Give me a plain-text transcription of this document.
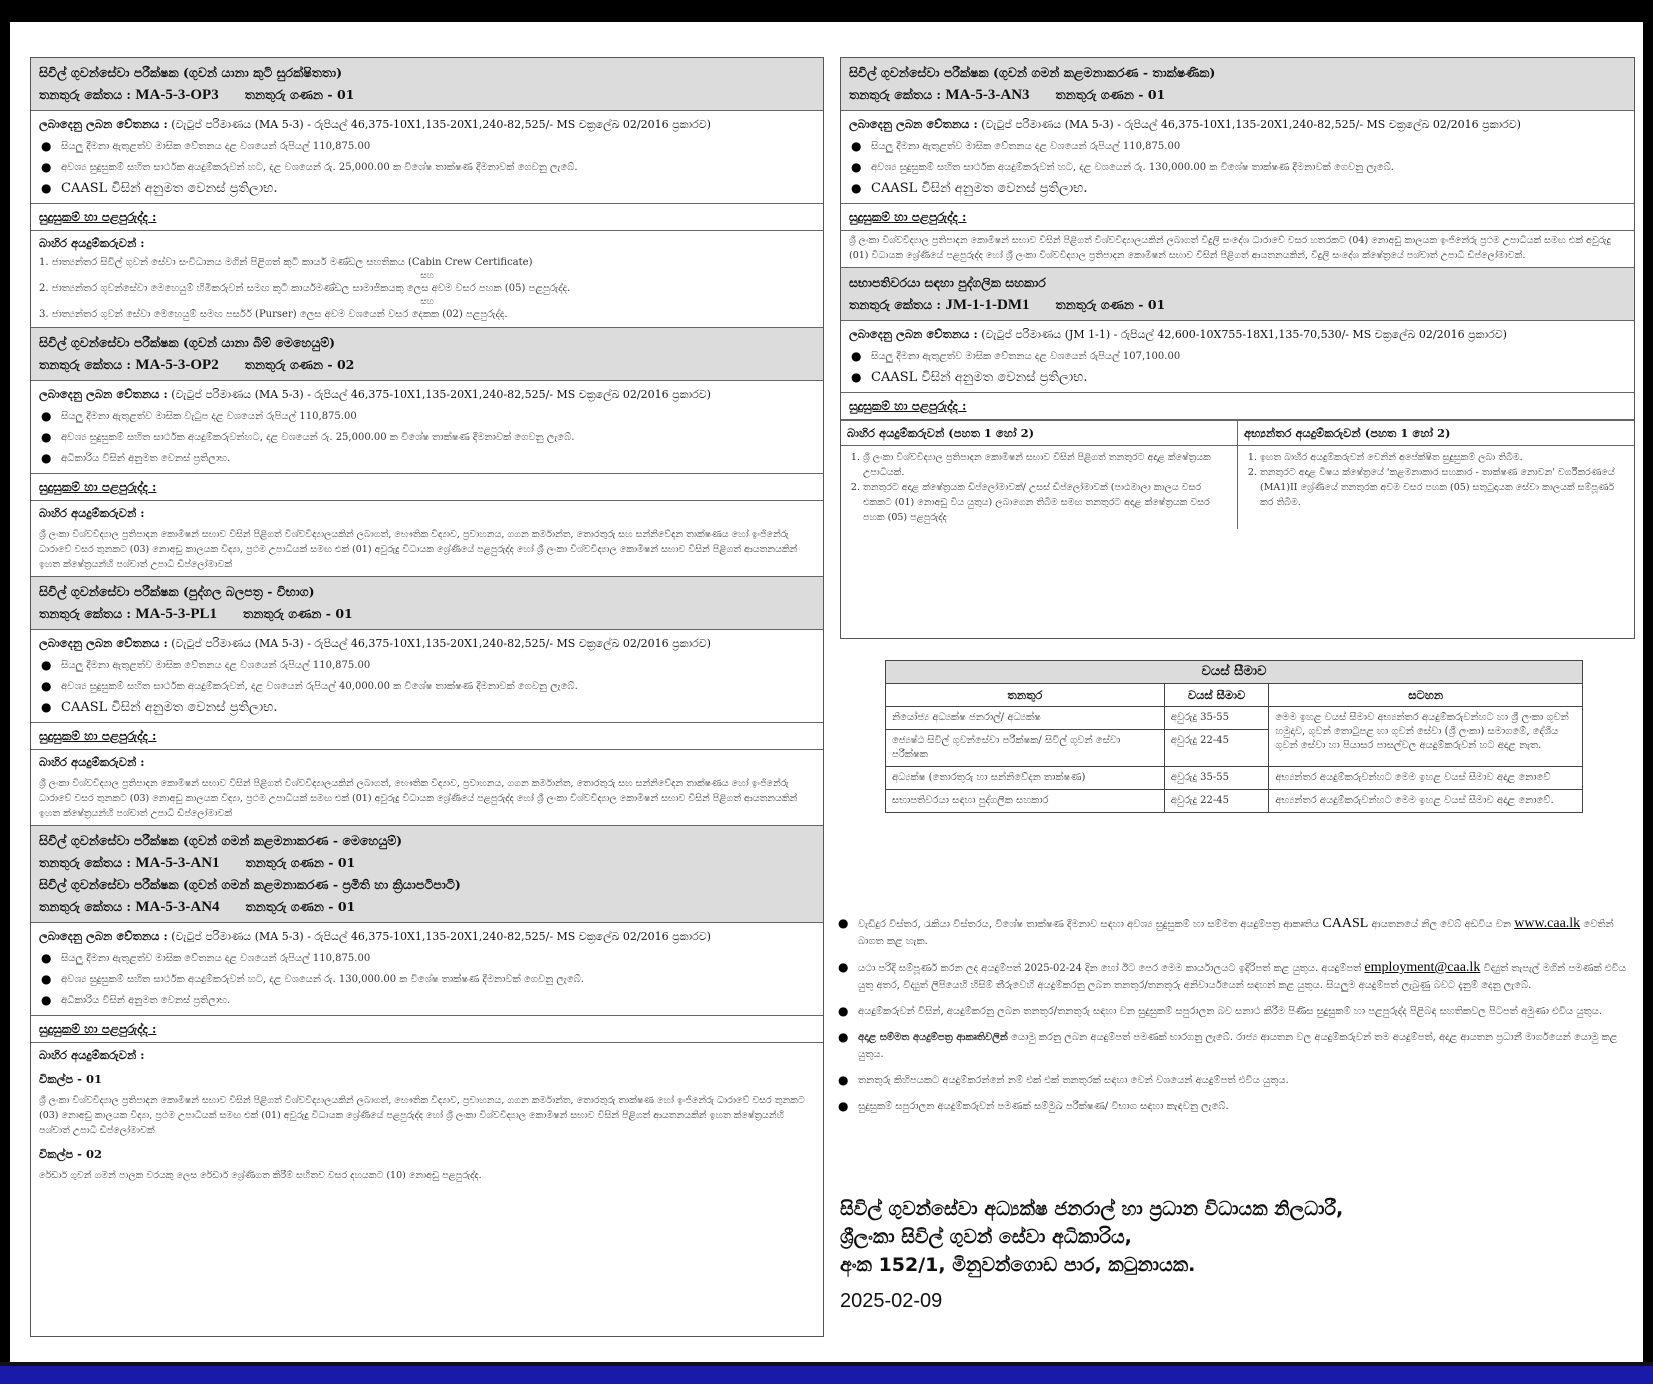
සිවිල් ගුවන්සේවා පරීක්ෂක (ගුවන් යානා කුටි සුරක්ෂිතතා)
තනතුරු කේතය : MA-5-3-OP3 තනතුරු ගණන - 01
ලබාදෙනු ලබන වේතනය : (වැටුප් පරිමාණය (MA 5-3) - රුපියල් 46,375-10X1,135-20X1,240-82,525/- MS චක්‍රලේඛ 02/2016 ප්‍රකාරව)
● සියලු දීමනා ඇතුළත්ව මාසික වේතනය දළ වශයෙන් රුපියල් 110,875.00
● අවශ්‍ය සුදුසුකම් සහිත සාර්ථක අයදුම්කරුවන් හට, දළ වශයෙන් රු. 25,000.00 ක විශේෂ තාක්ෂණ දීමනාවක් ගෙවනු ලැබේ.
● CAASL විසින් අනුමත වෙනස් ප්‍රතිලාභ.
සුදුසුකම් හා පළපුරුද්ද :
බාහිර අයදුම්කරුවන් :
1. ජාත්‍යන්තර සිවිල් ගුවන් සේවා සංවිධානය මගින් පිළිගත් කුටි කාර්ය මණ්ඩල සහතිකය (Cabin Crew Certificate)
සහ
2. ජාත්‍යන්තර ගුවන්සේවා මෙහෙයුම් හිමිකරුවන් සමඟ කුටි කාර්යමණ්ඩල සාමාජිකයකු ලෙස අවම වසර පහක (05) පළපුරුද්ද.
සහ
3. ජාත්‍යන්තර ගුවන් සේවා මෙහෙයුම් සමඟ පර්සර් (Purser) ලෙස අවම වශයෙන් වසර දෙකක (02) පළපුරුද්ද.
සිවිල් ගුවන්සේවා පරීක්ෂක (ගුවන් යානා බිම් මෙහෙයුම්)
තනතුරු කේතය : MA-5-3-OP2 තනතුරු ගණන - 02
ලබාදෙනු ලබන වේතනය : (වැටුප් පරිමාණය (MA 5-3) - රුපියල් 46,375-10X1,135-20X1,240-82,525/- MS චක්‍රලේඛ 02/2016 ප්‍රකාරව)
● සියලු දීමනා ඇතුළත්ව මාසික වැටුප දළ වශයෙන් රුපියල් 110,875.00
● අවශ්‍ය සුදුසුකම් සහිත සාර්ථක අයදුම්කරුවන්හට, දළ වශයෙන් රු. 25,000.00 ක විශේෂ තාක්ෂණ දීමනාවක් ගෙවනු ලැබේ.
● අධිකාරිය විසින් අනුමත වෙනස් ප්‍රතිලාභ.
සුදුසුකම් හා පළපුරුද්ද :
බාහිර අයදුම්කරුවන් :
ශ්‍රී ලංකා විශ්වවිද්‍යාල ප්‍රතිපාදන කොමිෂන් සභාව විසින් පිළිගත් විශ්වවිද්‍යාලයකින් ලබාගත්, භෞතික විද්‍යාව, ප්‍රවාහනය, ගගන කර්මාන්ත, තොරතුරු සහ සන්නිවේදන තාක්ෂණය හෝ ඉංජිනේරු ධාරාවේ වසර තුනකට (03) නොඅඩු කාලයක විද්‍යා, ප්‍රථම උපාධියක් සමඟ එක් (01) අවුරුදු විධායක ශ්‍රේණියේ පළපුරුද්ද හෝ ශ්‍රී ලංකා විශ්වවිද්‍යාල කොමිෂන් සභාව විසින් පිළිගත් ආයතනයකින් ඉහත ක්ෂේත්‍රයන්හි පශ්චාත් උපාධි ඩිප්ලෝමාවක්
සිවිල් ගුවන්සේවා පරීක්ෂක (පුද්ගල බලපත්‍ර - විභාග)
තනතුරු කේතය : MA-5-3-PL1 තනතුරු ගණන - 01
ලබාදෙනු ලබන වේතනය : (වැටුප් පරිමාණය (MA 5-3) - රුපියල් 46,375-10X1,135-20X1,240-82,525/- MS චක්‍රලේඛ 02/2016 ප්‍රකාරව)
● සියලු දීමනා ඇතුළත්ව මාසික වේතනය දළ වශයෙන් රුපියල් 110,875.00
● අවශ්‍ය සුදුසුකම් සහිත සාර්ථක අයදුම්කරුවන්, දළ වශයෙන් රුපියල් 40,000.00 ක විශේෂ තාක්ෂණ දීමනාවක් ගෙවනු ලැබේ.
● CAASL විසින් අනුමත වෙනස් ප්‍රතිලාභ.
සුදුසුකම් හා පළපුරුද්ද :
බාහිර අයදුම්කරුවන් :
ශ්‍රී ලංකා විශ්වවිද්‍යාල ප්‍රතිපාදන කොමිෂන් සභාව විසින් පිළිගත් විශ්වවිද්‍යාලයකින් ලබාගත්, භෞතික විද්‍යාව, ප්‍රවාහනය, ගගන කර්මාන්ත, තොරතුරු සහ සන්නිවේදන තාක්ෂණය හෝ ඉංජිනේරු ධාරාවේ වසර තුනකට (03) නොඅඩු කාලයක විද්‍යා, ප්‍රථම උපාධියක් සමඟ එක් (01) අවුරුදු විධායක ශ්‍රේණියේ පළපුරුද්ද හෝ ශ්‍රී ලංකා විශ්වවිද්‍යාල කොමිෂන් සභාව විසින් පිළිගත් ආයතනයකින් ඉහත ක්ෂේත්‍රයන්හි පශ්චාත් උපාධි ඩිප්ලෝමාවක්
සිවිල් ගුවන්සේවා පරීක්ෂක (ගුවන් ගමන් කළමනාකරණ - මෙහෙයුම්)
තනතුරු කේතය : MA-5-3-AN1 තනතුරු ගණන - 01
සිවිල් ගුවන්සේවා පරීක්ෂක (ගුවන් ගමන් කළමනාකරණ - ප්‍රමිති හා ක්‍රියාපටිපාටි)
තනතුරු කේතය : MA-5-3-AN4 තනතුරු ගණන - 01
ලබාදෙනු ලබන වේතනය : (වැටුප් පරිමාණය (MA 5-3) - රුපියල් 46,375-10X1,135-20X1,240-82,525/- MS චක්‍රලේඛ 02/2016 ප්‍රකාරව)
● සියලු දීමනා ඇතුළත්ව මාසික වේතනය දළ වශයෙන් රුපියල් 110,875.00
● අවශ්‍ය සුදුසුකම් සහිත සාර්ථක අයදුම්කරුවන් හට, දළ වශයෙන් රු. 130,000.00 ක විශේෂ තාක්ෂණ දීමනාවක් ගෙවනු ලැබේ.
● අධිකාරිය විසින් අනුමත වෙනස් ප්‍රතිලාභ.
සුදුසුකම් හා පළපුරුද්ද :
බාහිර අයදුම්කරුවන් :
විකල්ප - 01
ශ්‍රී ලංකා විශ්වවිද්‍යාල ප්‍රතිපාදන කොමිෂන් සභාව විසින් පිළිගත් විශ්වවිද්‍යාලයකින් ලබාගත්, භෞතික විද්‍යාව, ප්‍රවාහනය, ගගන කර්මාන්ත, තොරතුරු තාක්ෂණ හෝ ඉංජිනේරු ධාරාවේ වසර තුනකට (03) නොඅඩු කාලයක විද්‍යා, ප්‍රථම උපාධියක් සමඟ එක් (01) අවුරුදු විධායක ශ්‍රේණියේ පළපුරුද්ද හෝ ශ්‍රී ලංකා විශ්වවිද්‍යාල කොමිෂන් සභාව විසින් පිළිගත් ආයතනයකින් ඉහත ක්ෂේත්‍රයන්හි පශ්චාත් උපාධි ඩිප්ලෝමාවක්
විකල්ප - 02
රේඩාර් ගුවන් ගමන් පාලක වරයකු ලෙස රේඩාර් ශ්‍රේණිගත කිරීම් සහිතව වසර දහයකට (10) නොඅඩු පළපුරුද්ද.
සිවිල් ගුවන්සේවා පරීක්ෂක (ගුවන් ගමන් කළමනාකරණ - තාක්ෂණික)
තනතුරු කේතය : MA-5-3-AN3 තනතුරු ගණන - 01
ලබාදෙනු ලබන වේතනය : (වැටුප් පරිමාණය (MA 5-3) - රුපියල් 46,375-10X1,135-20X1,240-82,525/- MS චක්‍රලේඛ 02/2016 ප්‍රකාරව)
● සියලු දීමනා ඇතුළත්ව මාසික වේතනය දළ වශයෙන් රුපියල් 110,875.00
● අවශ්‍ය සුදුසුකම් සහිත සාර්ථක අයදුම්කරුවන් හට, දළ වශයෙන් රු. 130,000.00 ක විශේෂ තාක්ෂණ දීමනාවක් ගෙවනු ලැබේ.
● CAASL විසින් අනුමත වෙනස් ප්‍රතිලාභ.
සුදුසුකම් හා පළපුරුද්ද :
ශ්‍රී ලංකා විශ්වවිද්‍යාල ප්‍රතිපාදන කොමිෂන් සභාව විසින් පිළිගත් විශ්වවිද්‍යාලයකින් ලබාගත් විදුලි සංදේශ ධාරාවේ වසර හතරකට (04) නොඅඩු කාලයක ඉංජිනේරු ප්‍රථම උපාධියක් සමඟ එක් අවුරුදු (01) විධායක ශ්‍රේණියේ පළපුරුද්ද හෝ ශ්‍රී ලංකා විශ්වවිද්‍යාල ප්‍රතිපාදන කොමිෂන් සභාව විසින් පිළිගත් ආයතනයකින්, විදුලි සංදේශ ක්ෂේත්‍රයේ පශ්චාත් උපාධි ඩිප්ලෝමාවක්.
සභාපතිවරයා සඳහා පුද්ගලික සහකාර
තනතුරු කේතය : JM-1-1-DM1 තනතුරු ගණන - 01
ලබාදෙනු ලබන වේතනය : (වැටුප් පරිමාණය (JM 1-1) - රුපියල් 42,600-10X755-18X1,135-70,530/- MS චක්‍රලේඛ 02/2016 ප්‍රකාරව)
● සියලු දීමනා ඇතුළත්ව මාසික වේතනය දළ වශයෙන් රුපියල් 107,100.00
● CAASL විසින් අනුමත වෙනස් ප්‍රතිලාභ.
සුදුසුකම් හා පළපුරුද්ද :
බාහිර අයදුම්කරුවන් (පහත 1 හෝ 2)
1. ශ්‍රී ලංකා විශ්වවිද්‍යාල ප්‍රතිපාදන කොමිෂන් සභාව විසින් පිළිගත් තනතුරට අදාළ ක්ෂේත්‍රයක උපාධියක්.
2. තනතුරට අදාළ ක්ෂේත්‍රයක ඩිප්ලෝමාවක්/ උසස් ඩිප්ලෝමාවක් (පාඨමාලා කාලය වසර එකකට (01) නොඅඩු විය යුතුය) ලබාගෙන තිබීම සමඟ තනතුරට අදාළ ක්ෂේත්‍රයක වසර පහක (05) පළපුරුද්ද
අභ්‍යන්තර අයදුම්කරුවන් (පහත 1 හෝ 2)
1. ඉහත බාහිර අයදුම්කරුවන් වෙනින් අපේක්ෂිත සුදුසුකම් ලබා තිබීම.
2. තනතුරට අදාළ විෂය ක්ෂේත්‍රයේ 'කළමනාකාර සහකාර - තාක්ෂණ නොවන' වර්ගීකරණයේ (MA1)II ශ්‍රේණියේ තනතුරක අවම වසර පහක (05) සතුටුදායක සේවා කාලයක් සම්පූර්ණ කර තිබීම.
වයස් සීමාව		
තනතුර	වයස් සීමාව	සටහන
නියෝජ්‍ය අධ්‍යක්ෂ ජනරාල්/ අධ්‍යක්ෂ	අවුරුදු 35-55	මෙම ඉහළ වයස් සීමාව අභ්‍යන්තර අයදුම්කරුවන්හට හා ශ්‍රී ලංකා ගුවන් හමුදාව, ගුවන් තොටුපළ හා ගුවන් සේවා (ශ්‍රී ලංකා) සමාගමේ, දේශීය ගුවන් සේවා හා පියාසර පාසල්වල අයදුම්කරුවන් හට අදාළ නැත.
ජ්‍යෙෂ්ඨ සිවිල් ගුවන්සේවා පරීක්ෂක/ සිවිල් ගුවන් සේවා පරීක්ෂක	අවුරුදු 22-45	
අධ්‍යක්ෂ (තොරතුරු හා සන්නිවේදන තාක්ෂණ)	අවුරුදු 35-55	අභ්‍යන්තර අයදුම්කරුවන්හට මෙම ඉහළ වයස් සීමාව අදාළ නොවේ
සභාපතිවරයා සඳහා පුද්ගලික සහකාර	අවුරුදු 22-45	අභ්‍යන්තර අයදුම්කරුවන්හට මෙම ඉහළ වයස් සීමාව අදාළ නොවේ.
● වැඩිදුර විස්තර, රැකියා විස්තරය, විශේෂ තාක්ෂණ දීමනාව සඳහා අවශ්‍ය සුදුසුකම් හා සම්මත අයදුම්පත්‍ර ආකෘතිය CAASL ආයතනයේ නිල වෙබ් අඩවිය වන www.caa.lk වෙතින් බාගත කළ හැක.
● යථා පරිදි සම්පූර්ණ කරන ලද අයදුම්පත් 2025-02-24 දින හෝ ඊට පෙර මෙම කාර්යාලයට ඉදිරිපත් කළ යුතුය. අයදුම්පත් employment@caa.lk විද්‍යුත් තැපැල් මගින් පමණක් එවිය යුතු අතර, විද්‍යුත් ලිපියෙහි හිසිම් තීරුවෙහි අයදුම්කරනු ලබන තනතුර/තනතුරු අනිවාර්යයෙන් සඳහන් කළ යුතුය. සියලුම අයදුම්පත් ලැබුණු බවට දැනුම් දෙනු ලැබේ.
● අයදුම්කරුවන් විසින්, අයදුම්කරනු ලබන තනතුර/තනතුරු සඳහා වන සුදුසුකම් සපුරාලන බව සනාථ කිරීම පිණිස සුදුසුකම් හා පළපුරුද්ද පිළිබඳ සහතිකවල පිටපත් අමුණා එවිය යුතුය.
● අදාළ සම්මත අයදුම්පත්‍ර ආකෘතිවලින් යොමු කරනු ලබන අයදුම්පත් පමණක් භාරගනු ලැබේ. රාජ්‍ය ආයතන වල අයදුම්කරුවන් තම අයදුම්පත්, අදාළ ආයතන ප්‍රධානී මාර්ගයෙන් යොමු කළ යුතුය.
● තනතුරු කිහිපයකට අයදුම්කරන්නේ නම් එක් එක් තනතුරක් සඳහා වෙන් වශයෙන් අයදුම්පත් එවිය යුතුය.
● සුදුසුකම් සපුරාලන අයදුම්කරුවන් පමණක් සම්මුඛ පරීක්ෂණ/ විභාග සඳහා කැඳවනු ලැබේ.
සිවිල් ගුවන්සේවා අධ්‍යක්ෂ ජනරාල් හා ප්‍රධාන විධායක නිලධාරී,
ශ්‍රීලංකා සිවිල් ගුවන් සේවා අධිකාරිය,
අංක 152/1, මිනුවන්ගොඩ පාර, කටුනායක.
2025-02-09
